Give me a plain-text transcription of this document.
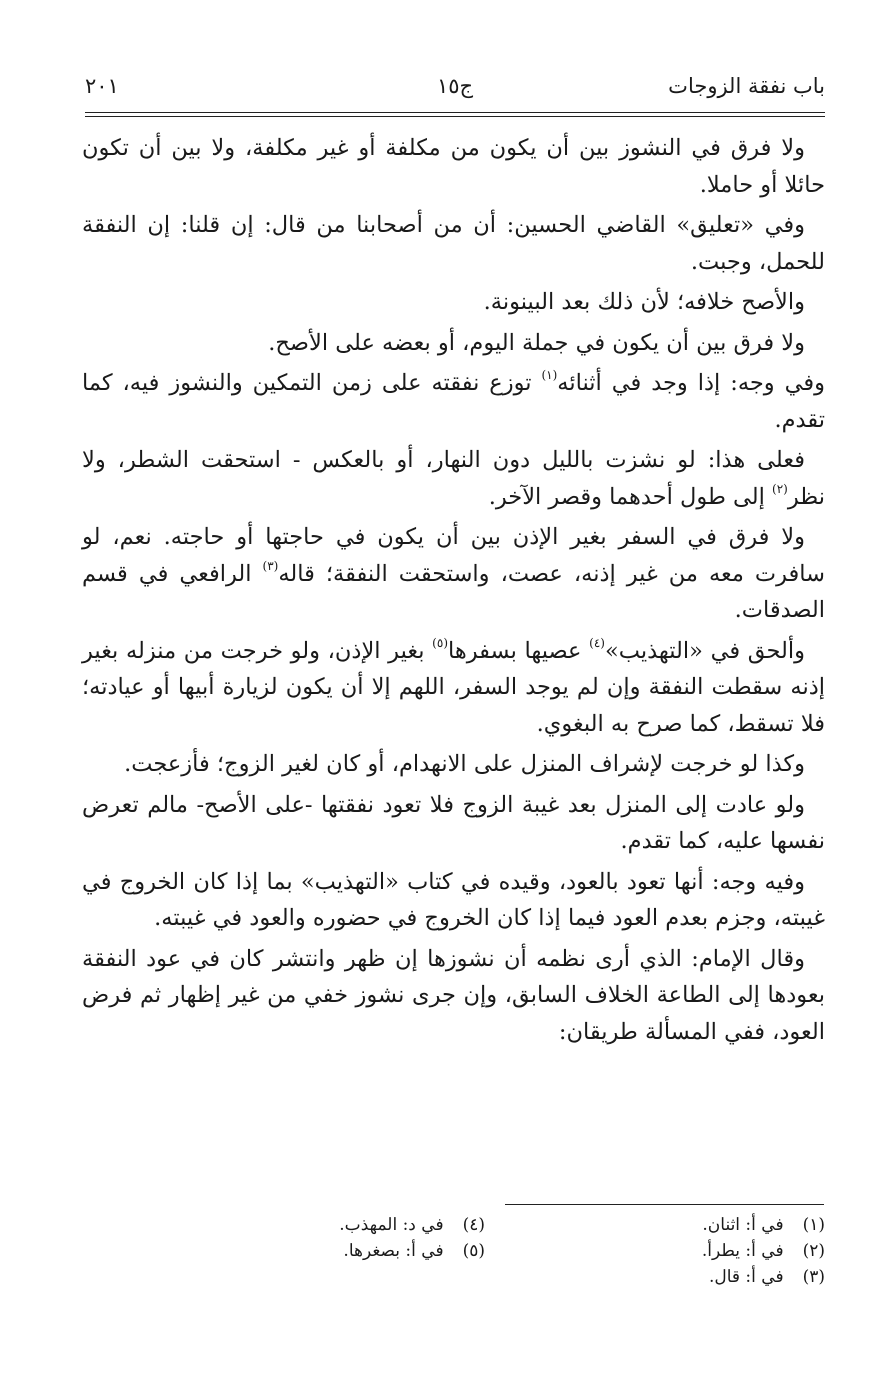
باب نفقة الزوجات
ج١٥
٢٠١

ولا فرق في النشوز بين أن يكون من مكلفة أو غير مكلفة، ولا بين أن تكون حائلا أو حاملا.

وفي «تعليق» القاضي الحسين: أن من أصحابنا من قال: إن قلنا: إن النفقة للحمل، وجبت.

والأصح خلافه؛ لأن ذلك بعد البينونة.

ولا فرق بين أن يكون في جملة اليوم، أو بعضه على الأصح.

وفي وجه: إذا وجد في أثنائه$^{(١)}$ توزع نفقته على زمن التمكين والنشوز فيه، كما تقدم.

فعلى هذا: لو نشزت بالليل دون النهار، أو بالعكس - استحقت الشطر، ولا نظر$^{(٢)}$ إلى طول أحدهما وقصر الآخر.

ولا فرق في السفر بغير الإذن بين أن يكون في حاجتها أو حاجته. نعم، لو سافرت معه من غير إذنه، عصت، واستحقت النفقة؛ قاله$^{(٣)}$ الرافعي في قسم الصدقات.

وألحق في «التهذيب»$^{(٤)}$ عصيها بسفرها$^{(٥)}$ بغير الإذن، ولو خرجت من منزله بغير إذنه سقطت النفقة وإن لم يوجد السفر، اللهم إلا أن يكون لزيارة أبيها أو عيادته؛ فلا تسقط، كما صرح به البغوي.

وكذا لو خرجت لإشراف المنزل على الانهدام، أو كان لغير الزوج؛ فأزعجت.

ولو عادت إلى المنزل بعد غيبة الزوج فلا تعود نفقتها -على الأصح- مالم تعرض نفسها عليه، كما تقدم.

وفيه وجه: أنها تعود بالعود، وقيده في كتاب «التهذيب» بما إذا كان الخروج في غيبته، وجزم بعدم العود فيما إذا كان الخروج في حضوره والعود في غيبته.

وقال الإمام: الذي أرى نظمه أن نشوزها إن ظهر وانتشر كان في عود النفقة بعودها إلى الطاعة الخلاف السابق، وإن جرى نشوز خفي من غير إظهار ثم فرض العود، ففي المسألة طريقان:

(١) في أ: اثنان.
(٢) في أ: يطرأ.
(٣) في أ: قال.
(٤) في د: المهذب.
(٥) في أ: بصغرها.
